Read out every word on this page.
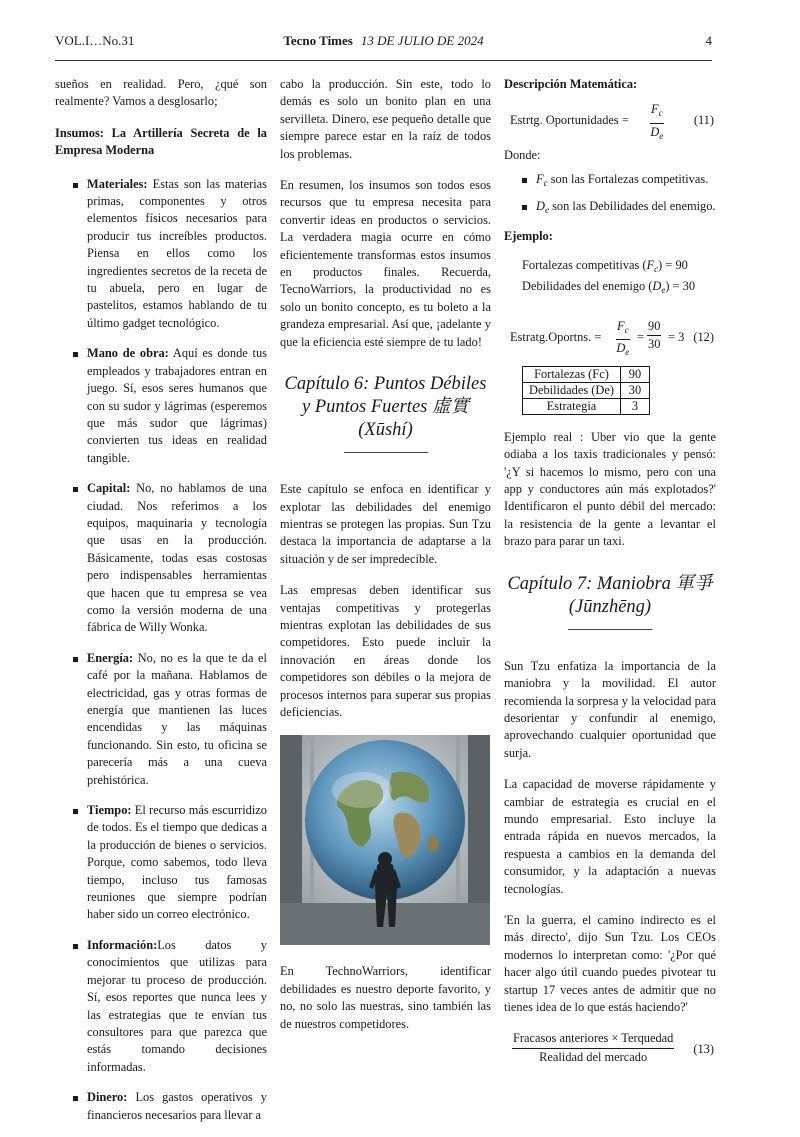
VOL.I…No.31	Tecno Times 13 DE JULIO DE 2024	4

sueños en realidad. Pero, ¿qué son realmente? Vamos a desglosarlo;

Insumos: La Artillería Secreta de la Empresa Moderna

Materiales: Estas son las materias primas, componentes y otros elementos físicos necesarios para producir tus increíbles productos. Piensa en ellos como los ingredientes secretos de la receta de tu abuela, pero en lugar de pastelitos, estamos hablando de tu último gadget tecnológico.
Mano de obra: Aquí es donde tus empleados y trabajadores entran en juego. Sí, esos seres humanos que con su sudor y lágrimas (esperemos que más sudor que lágrimas) convierten tus ideas en realidad tangible.
Capital: No, no hablamos de una ciudad. Nos referimos a los equipos, maquinaria y tecnología que usas en la producción. Básicamente, todas esas costosas pero indispensables herramientas que hacen que tu empresa se vea como la versión moderna de una fábrica de Willy Wonka.
Energía: No, no es la que te da el café por la mañana. Hablamos de electricidad, gas y otras formas de energía que mantienen las luces encendidas y las máquinas funcionando. Sin esto, tu oficina se parecería más a una cueva prehistórica.
Tiempo: El recurso más escurridizo de todos. Es el tiempo que dedicas a la producción de bienes o servicios. Porque, como sabemos, todo lleva tiempo, incluso tus famosas reuniones que siempre podrían haber sido un correo electrónico.
Información:Los datos y conocimientos que utilizas para mejorar tu proceso de producción. Sí, esos reportes que nunca lees y las estrategias que te envían tus consultores para que parezca que estás tomando decisiones informadas.
Dinero: Los gastos operativos y financieros necesarios para llevar a

cabo la producción. Sin este, todo lo demás es solo un bonito plan en una servilleta. Dinero, ese pequeño detalle que siempre parece estar en la raíz de todos los problemas.

En resumen, los insumos son todos esos recursos que tu empresa necesita para convertir ideas en productos o servicios. La verdadera magia ocurre en cómo eficientemente transformas estos insumos en productos finales. Recuerda, TecnoWarriors, la productividad no es solo un bonito concepto, es tu boleto a la grandeza empresarial. Así que, ¡adelante y que la eficiencia esté siempre de tu lado!

Capítulo 6: Puntos Débiles y Puntos Fuertes 虛實 (Xūshí)

Este capítulo se enfoca en identificar y explotar las debilidades del enemigo mientras se protegen las propias. Sun Tzu destaca la importancia de adaptarse a la situación y de ser impredecible.

Las empresas deben identificar sus ventajas competitivas y protegerlas mientras explotan las debilidades de sus competidores. Esto puede incluir la innovación en áreas donde los competidores son débiles o la mejora de procesos internos para superar sus propias deficiencias.

En TechnoWarriors, identificar debilidades es nuestro deporte favorito, y no, no solo las nuestras, sino también las de nuestros competidores.

Descripción Matemática:

Estrtg. Oportunidades = $\frac{F_c}{D_e} (11)$

Donde:

$F_c$ son las Fortalezas competitivas.
$D_e$ son las Debilidades del enemigo.

Ejemplo:

Fortalezas competitivas $(F_c) = 90$
Debilidades del enemigo $(D_e) = 30$
Estratg.Oportns. = $\frac{F_c}{D_e} = \frac{90}{30} = 3$ (12)
Fortalezas (Fc)	90
Debilidades (De)	30
Estrategia	3

Ejemplo real : Uber vio que la gente odiaba a los taxis tradicionales y pensó: '¿Y si hacemos lo mismo, pero con una app y conductores aún más explotados?' Identificaron el punto débil del mercado: la resistencia de la gente a levantar el brazo para parar un taxi.

Capítulo 7: Maniobra 軍爭 (Jūnzhēng)

Sun Tzu enfatiza la importancia de la maniobra y la movilidad. El autor recomienda la sorpresa y la velocidad para desorientar y confundir al enemigo, aprovechando cualquier oportunidad que surja.

La capacidad de moverse rápidamente y cambiar de estrategia es crucial en el mundo empresarial. Esto incluye la entrada rápida en nuevos mercados, la respuesta a cambios en la demanda del consumidor, y la adaptación a nuevas tecnologías.

'En la guerra, el camino indirecto es el más directo', dijo Sun Tzu. Los CEOs modernos lo interpretan como: '¿Por qué hacer algo útil cuando puedes pivotear tu startup 17 veces antes de admitir que no tienes idea de lo que estás haciendo?'

Fracasos anteriores × Terquedad
Realidad del mercado
(13)
